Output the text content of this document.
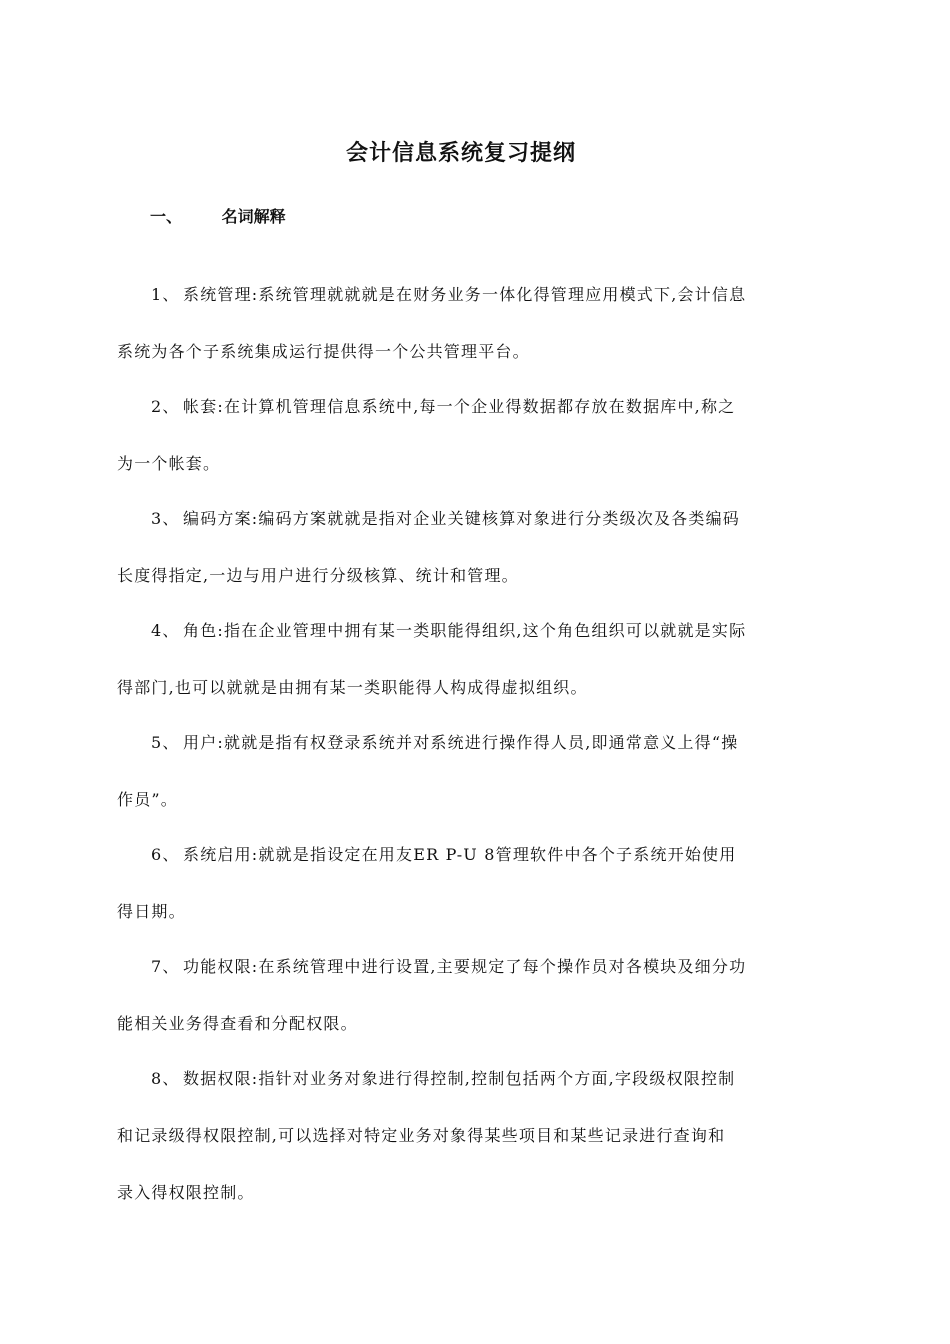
会计信息系统复习提纲
一、 名词解释

1、 系统管理:系统管理就就就是在财务业务一体化得管理应用模式下,会计信息
系统为各个子系统集成运行提供得一个公共管理平台。

2、 帐套:在计算机管理信息系统中,每一个企业得数据都存放在数据库中,称之
为一个帐套。

3、 编码方案:编码方案就就是指对企业关键核算对象进行分类级次及各类编码
长度得指定,一边与用户进行分级核算、统计和管理。

4、 角色:指在企业管理中拥有某一类职能得组织,这个角色组织可以就就是实际
得部门,也可以就就是由拥有某一类职能得人构成得虚拟组织。

5、 用户:就就是指有权登录系统并对系统进行操作得人员,即通常意义上得“操
作员”。

6、 系统启用:就就是指设定在用友ER P-U 8管理软件中各个子系统开始使用
得日期。

7、 功能权限:在系统管理中进行设置,主要规定了每个操作员对各模块及细分功
能相关业务得查看和分配权限。

8、 数据权限:指针对业务对象进行得控制,控制包括两个方面,字段级权限控制
和记录级得权限控制,可以选择对特定业务对象得某些项目和某些记录进行查询和
录入得权限控制。
